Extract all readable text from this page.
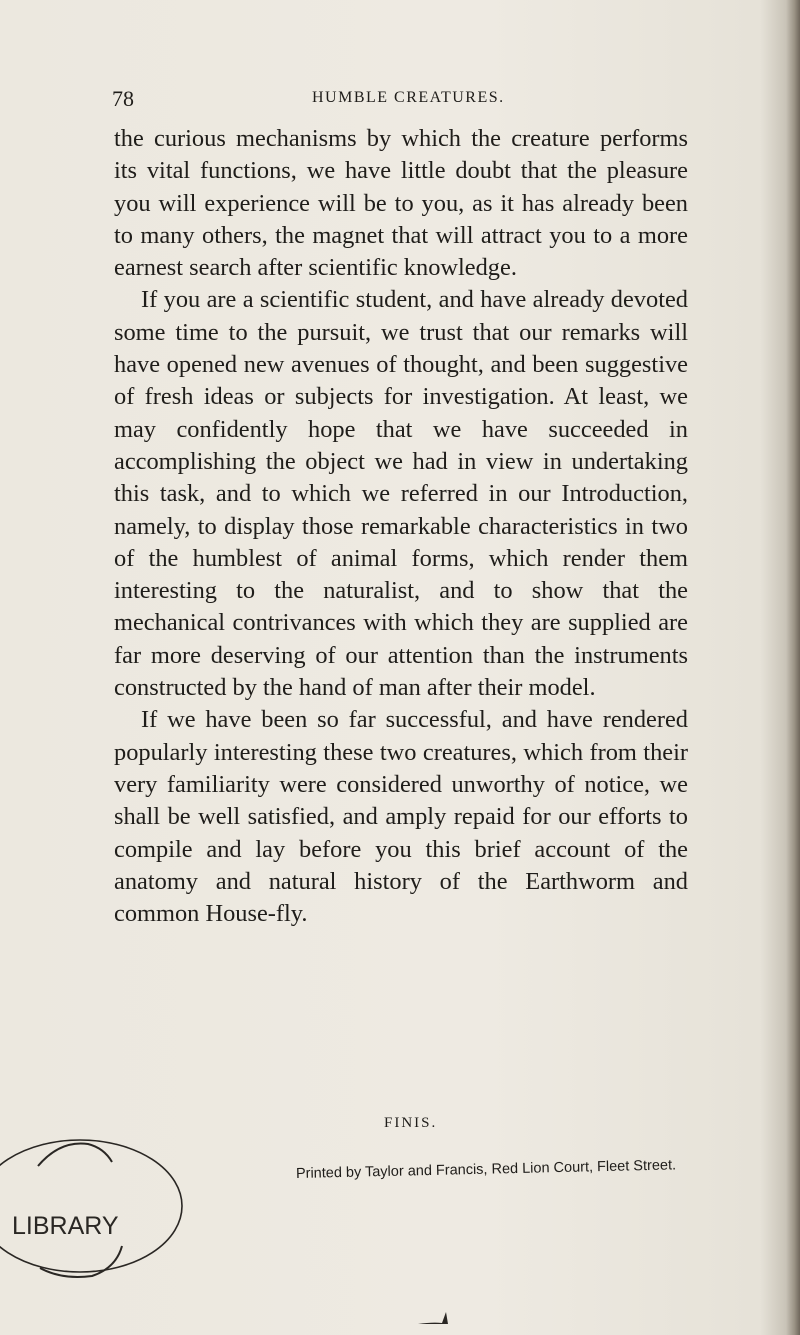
78	HUMBLE CREATURES.

the curious mechanisms by which the creature performs its vital functions, we have little doubt that the pleasure you will experience will be to you, as it has already been to many others, the magnet that will attract you to a more earnest search after scientific knowledge.

If you are a scientific student, and have already devoted some time to the pursuit, we trust that our remarks will have opened new avenues of thought, and been suggestive of fresh ideas or subjects for investigation. At least, we may confidently hope that we have succeeded in accomplishing the object we had in view in undertaking this task, and to which we referred in our Introduction, namely, to display those remarkable characteristics in two of the humblest of animal forms, which render them interesting to the naturalist, and to show that the mechanical contrivances with which they are supplied are far more deserving of our attention than the instruments constructed by the hand of man after their model.

If we have been so far successful, and have rendered popularly interesting these two creatures, which from their very familiarity were considered unworthy of notice, we shall be well satisfied, and amply repaid for our efforts to compile and lay before you this brief account of the anatomy and natural history of the Earthworm and common House-fly.

FINIS.
Printed by Taylor and Francis, Red Lion Court, Fleet Street.
LIBRARY
